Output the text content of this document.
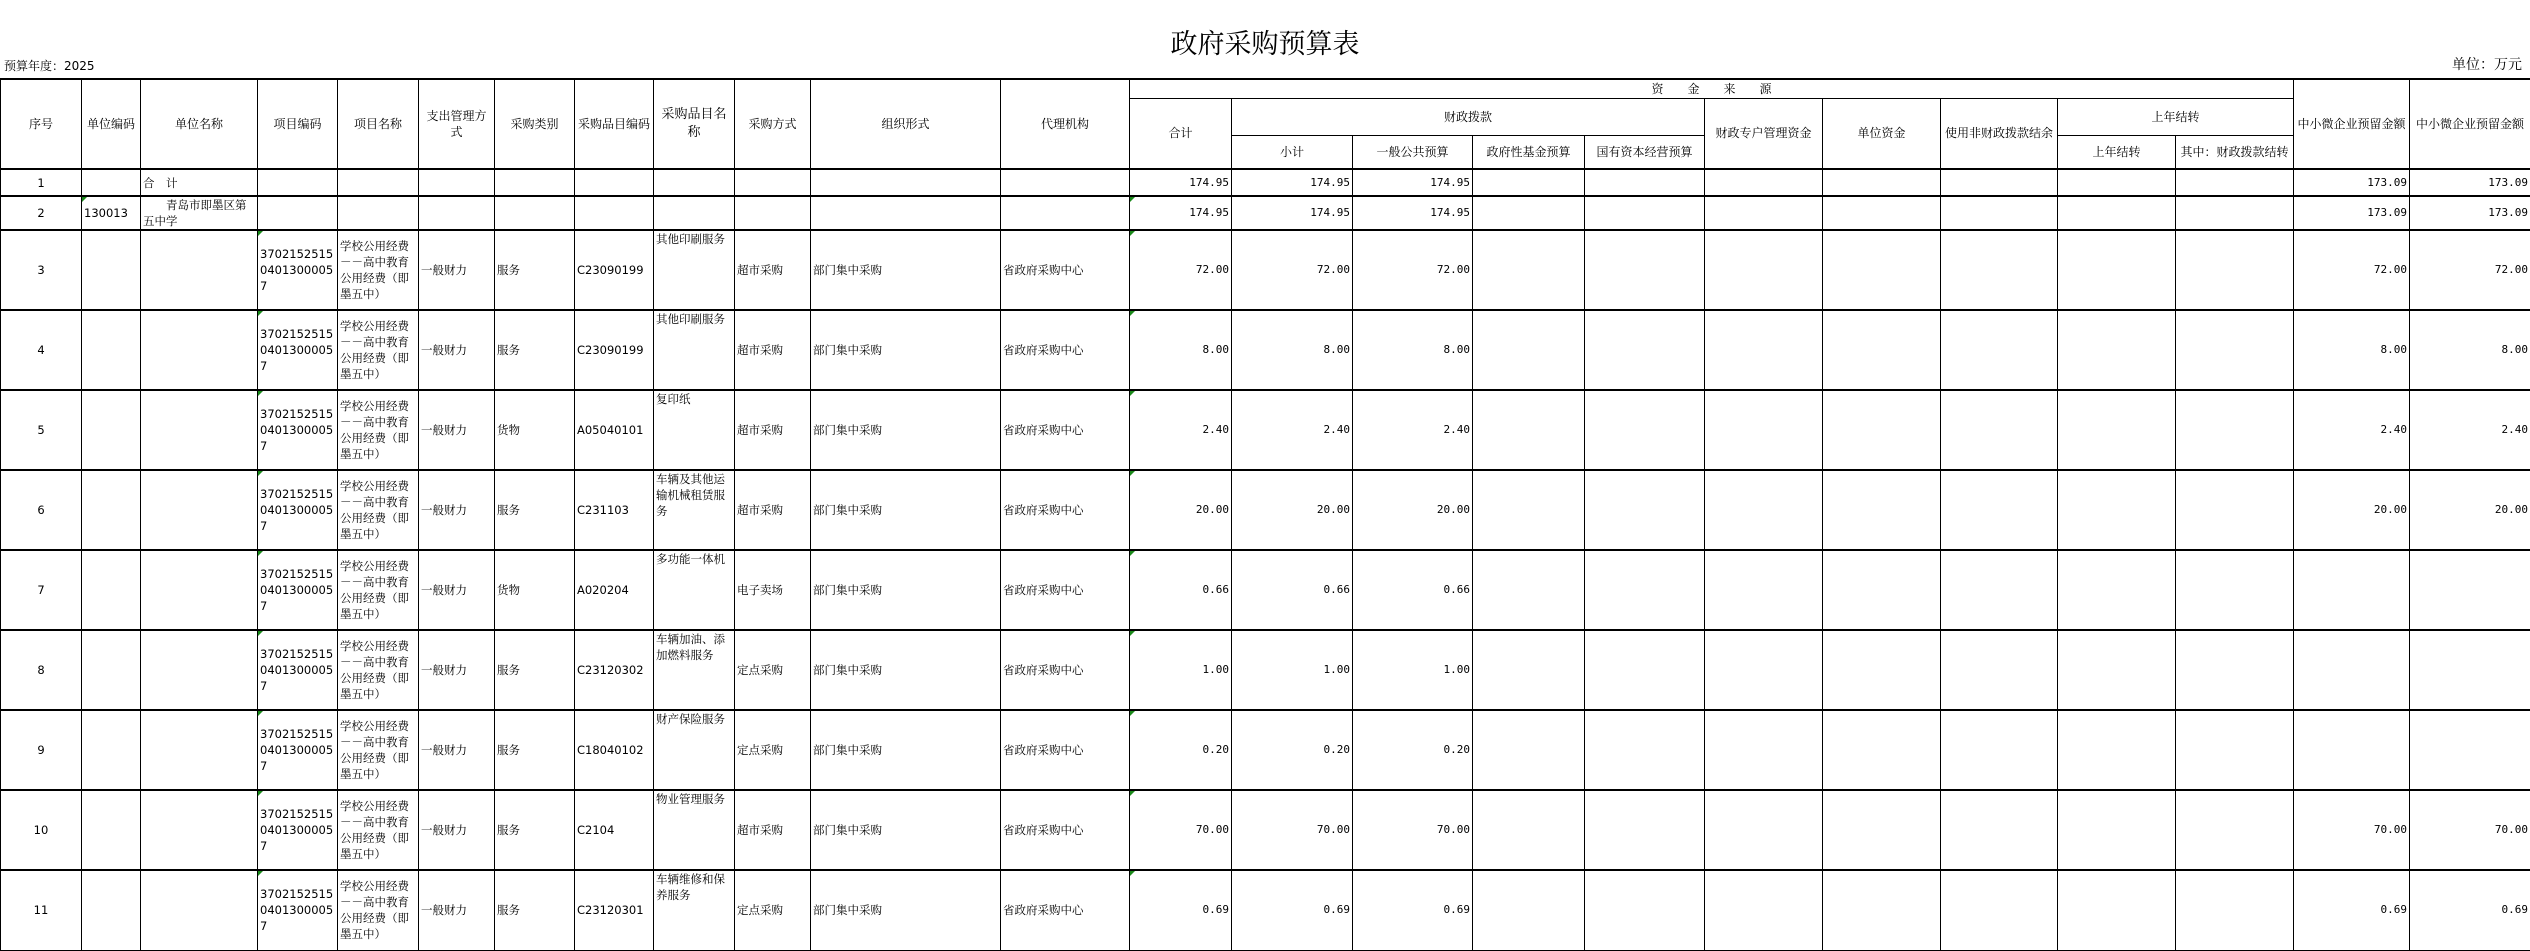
政府采购预算表
预算年度：2025	单位：万元
序号	单位编码	单位名称	项目编码	项目名称	支出管理方式	采购类别	采购品目编码	采购品目名称	采购方式	组织形式	代理机构	资　　金　　来　　源										中小微企业预留金额	中小微企业预留金额
												合计	财政拨款				财政专户管理资金	单位资金	使用非财政拨款结余	上年结转			
													小计	一般公共预算	政府性基金预算	国有资本经营预算				上年结转	其中：财政拨款结转		
1		合　计										174.95	174.95	174.95								173.09	173.09
2	130013	　　青岛市即墨区第五中学										174.95	174.95	174.95								173.09	173.09
3			370215251504013000057	学校公用经费－－高中教育公用经费（即墨五中）	一般财力	服务	C23090199	其他印刷服务	超市采购	部门集中采购	省政府采购中心	72.00	72.00	72.00								72.00	72.00
4			370215251504013000057	学校公用经费－－高中教育公用经费（即墨五中）	一般财力	服务	C23090199	其他印刷服务	超市采购	部门集中采购	省政府采购中心	8.00	8.00	8.00								8.00	8.00
5			370215251504013000057	学校公用经费－－高中教育公用经费（即墨五中）	一般财力	货物	A05040101	复印纸	超市采购	部门集中采购	省政府采购中心	2.40	2.40	2.40								2.40	2.40
6			370215251504013000057	学校公用经费－－高中教育公用经费（即墨五中）	一般财力	服务	C231103	车辆及其他运输机械租赁服务	超市采购	部门集中采购	省政府采购中心	20.00	20.00	20.00								20.00	20.00
7			370215251504013000057	学校公用经费－－高中教育公用经费（即墨五中）	一般财力	货物	A020204	多功能一体机	电子卖场	部门集中采购	省政府采购中心	0.66	0.66	0.66									
8			370215251504013000057	学校公用经费－－高中教育公用经费（即墨五中）	一般财力	服务	C23120302	车辆加油、添加燃料服务	定点采购	部门集中采购	省政府采购中心	1.00	1.00	1.00									
9			370215251504013000057	学校公用经费－－高中教育公用经费（即墨五中）	一般财力	服务	C18040102	财产保险服务	定点采购	部门集中采购	省政府采购中心	0.20	0.20	0.20									
10			370215251504013000057	学校公用经费－－高中教育公用经费（即墨五中）	一般财力	服务	C2104	物业管理服务	超市采购	部门集中采购	省政府采购中心	70.00	70.00	70.00								70.00	70.00
11			370215251504013000057	学校公用经费－－高中教育公用经费（即墨五中）	一般财力	服务	C23120301	车辆维修和保养服务	定点采购	部门集中采购	省政府采购中心	0.69	0.69	0.69								0.69	0.69
